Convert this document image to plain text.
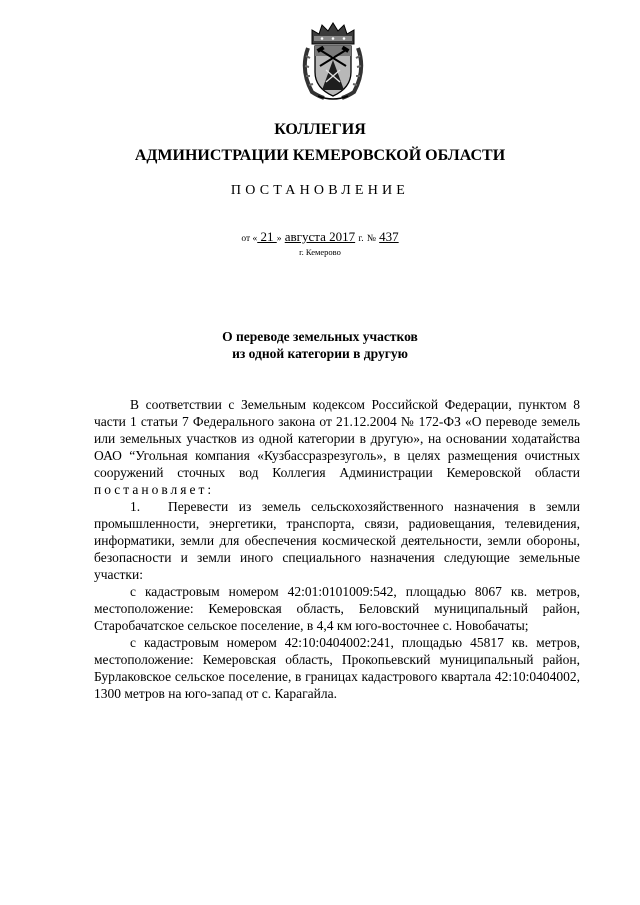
КОЛЛЕГИЯ
АДМИНИСТРАЦИИ КЕМЕРОВСКОЙ ОБЛАСТИ
ПОСТАНОВЛЕНИЕ
от « 21 » августа 2017 г. № 437
г. Кемерово
О переводе земельных участков
из одной категории в другую

В соответствии с Земельным кодексом Российской Федерации, пунктом 8 части 1 статьи 7 Федерального закона от 21.12.2004 № 172-ФЗ «О переводе земель или земельных участков из одной категории в другую», на основании ходатайства ОАО “Угольная компания «Кузбассразрезуголь», в целях размещения очистных сооружений сточных вод Коллегия Администрации Кемеровской области постановляет:

1. Перевести из земель сельскохозяйственного назначения в земли промышленности, энергетики, транспорта, связи, радиовещания, телевидения, информатики, земли для обеспечения космической деятельности, земли обороны, безопасности и земли иного специального назначения следующие земельные участки:

с кадастровым номером 42:01:0101009:542, площадью 8067 кв. метров, местоположение: Кемеровская область, Беловский муниципальный район, Старобачатское сельское поселение, в 4,4 км юго-восточнее с. Новобачаты;

с кадастровым номером 42:10:0404002:241, площадью 45817 кв. метров, местоположение: Кемеровская область, Прокопьевский муниципальный район, Бурлаковское сельское поселение, в границах кадастрового квартала 42:10:0404002, 1300 метров на юго-запад от с. Карагайла.
